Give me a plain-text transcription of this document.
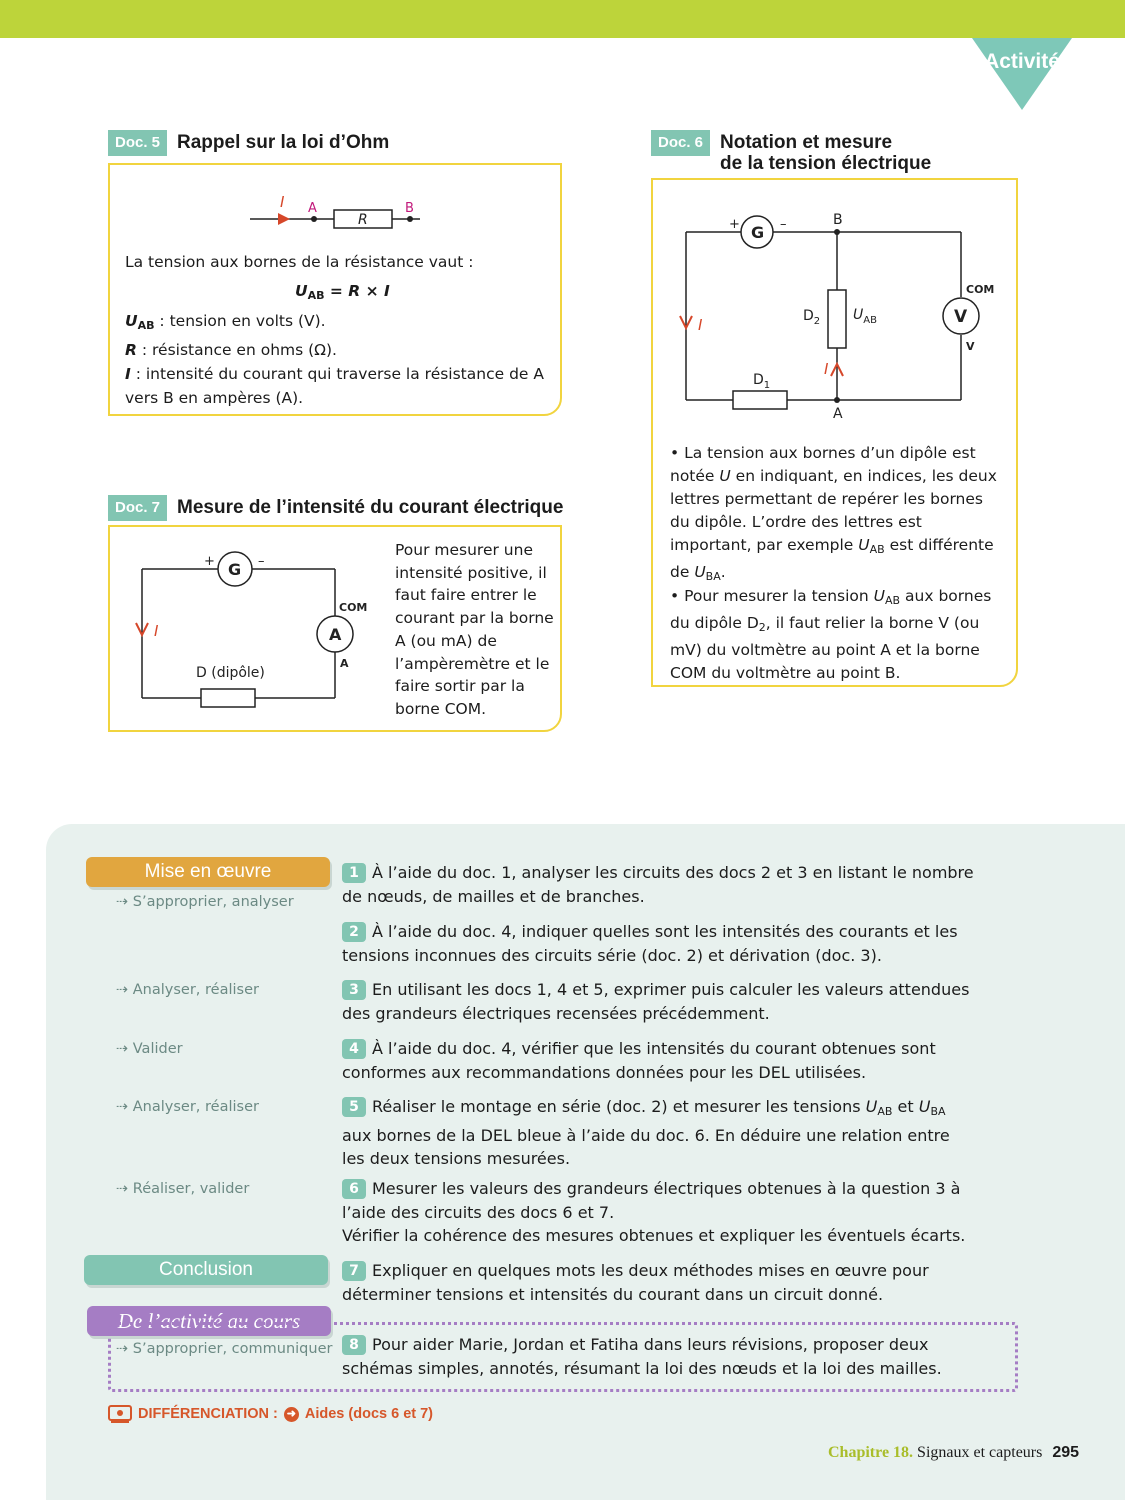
Activité
Doc. 5 Rappel sur la loi d’Ohm
I A	B
R
La tension aux bornes de la résistance vaut :
$U_{AB} = R \times I$
$U_{AB}$ : tension en volts (V).
R : résistance en ohms (Ω).
I : intensité du courant qui traverse la résistance de A vers B en ampères (A).
Doc. 6 Notation et mesure
de la tension électrique
G
+	–
V
COM
V
B
A
$D_1$
$D_2$ $U_{AB}$
I
I
• La tension aux bornes d’un dipôle est notée U en indiquant, en indices, les deux lettres permettant de repérer les bornes du dipôle. L’ordre des lettres est important, par exemple $U_{AB}$ est différente de $U_{BA}$.
• Pour mesurer la tension $U_{AB}$ aux bornes du dipôle $D_2$, il faut relier la borne V (ou mV) du voltmètre au point A et la borne COM du voltmètre au point B.
Doc. 7 Mesure de l’intensité du courant électrique
G
+	–
A
COM
A
I
D (dipôle)
Pour mesurer une intensité positive, il faut faire entrer le courant par la borne A (ou mA) de l’ampèremètre et le faire sortir par la borne COM.
Mise en œuvre
Conclusion
De l’activité au cours
⇢ S’approprier, analyser
⇢ Analyser, réaliser
⇢ Valider
⇢ Analyser, réaliser
⇢ Réaliser, valider
⇢ S’approprier, communiquer
1 À l’aide du doc. 1, analyser les circuits des docs 2 et 3 en listant le nombre de nœuds, de mailles et de branches.
2 À l’aide du doc. 4, indiquer quelles sont les intensités des courants et les tensions inconnues des circuits série (doc. 2) et dérivation (doc. 3).
3 En utilisant les docs 1, 4 et 5, exprimer puis calculer les valeurs attendues des grandeurs électriques recensées précédemment.
4 À l’aide du doc. 4, vérifier que les intensités du courant obtenues sont conformes aux recommandations données pour les DEL utilisées.
5 Réaliser le montage en série (doc. 2) et mesurer les tensions $U_{AB}$ et $U_{BA}$ aux bornes de la DEL bleue à l’aide du doc. 6. En déduire une relation entre les deux tensions mesurées.
6 Mesurer les valeurs des grandeurs électriques obtenues à la question 3 à l’aide des circuits des docs 6 et 7.
Vérifier la cohérence des mesures obtenues et expliquer les éventuels écarts.
7 Expliquer en quelques mots les deux méthodes mises en œuvre pour déterminer tensions et intensités du courant dans un circuit donné.
8 Pour aider Marie, Jordan et Fatiha dans leurs révisions, proposer deux schémas simples, annotés, résumant la loi des nœuds et la loi des mailles.
DIFFÉRENCIATION : ➜ Aides (docs 6 et 7)
Chapitre 18. Signaux et capteurs 295
